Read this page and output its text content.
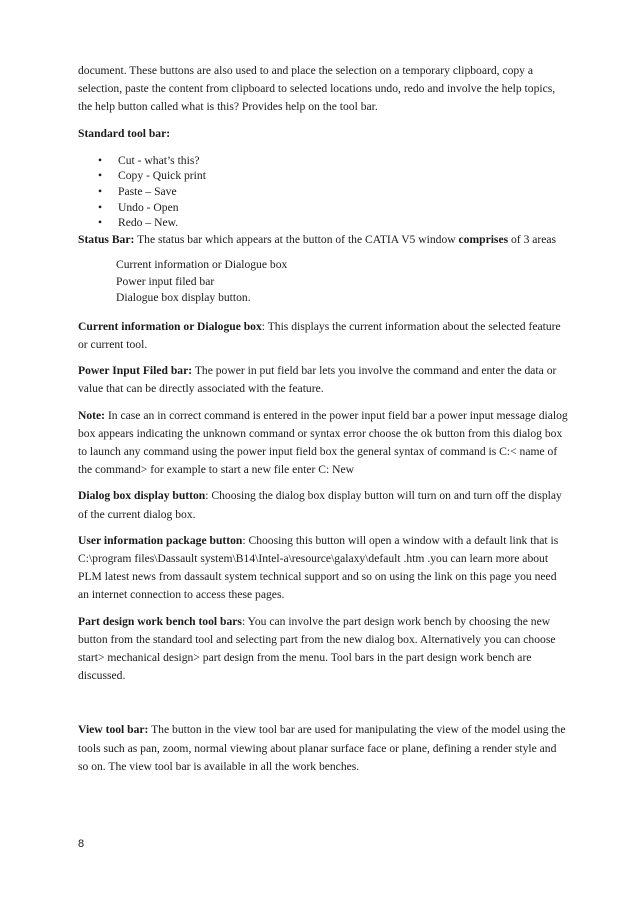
document. These buttons are also used to and place the selection on a temporary clipboard, copy a selection, paste the content from clipboard to selected locations undo, redo and involve the help topics, the help button called what is this? Provides help on the tool bar.

Standard tool bar:

• Cut - what’s this?
• Copy - Quick print
• Paste – Save
• Undo - Open
• Redo – New.

Status Bar: The status bar which appears at the button of the CATIA V5 window comprises of 3 areas

Current information or Dialogue box
Power input filed bar
Dialogue box display button.

Current information or Dialogue box: This displays the current information about the selected feature or current tool.

Power Input Filed bar: The power in put field bar lets you involve the command and enter the data or value that can be directly associated with the feature.

Note: In case an in correct command is entered in the power input field bar a power input message dialog box appears indicating the unknown command or syntax error choose the ok button from this dialog box to launch any command using the power input field box the general syntax of command is C:< name of the command> for example to start a new file enter C: New

Dialog box display button: Choosing the dialog box display button will turn on and turn off the display of the current dialog box.

User information package button: Choosing this button will open a window with a default link that is C:\program files\Dassault system\B14\Intel-a\resource\galaxy\default .htm .you can learn more about PLM latest news from dassault system technical support and so on using the link on this page you need an internet connection to access these pages.

Part design work bench tool bars: You can involve the part design work bench by choosing the new button from the standard tool and selecting part from the new dialog box. Alternatively you can choose start> mechanical design> part design from the menu. Tool bars in the part design work bench are discussed.

View tool bar: The button in the view tool bar are used for manipulating the view of the model using the tools such as pan, zoom, normal viewing about planar surface face or plane, defining a render style and so on. The view tool bar is available in all the work benches.

8
